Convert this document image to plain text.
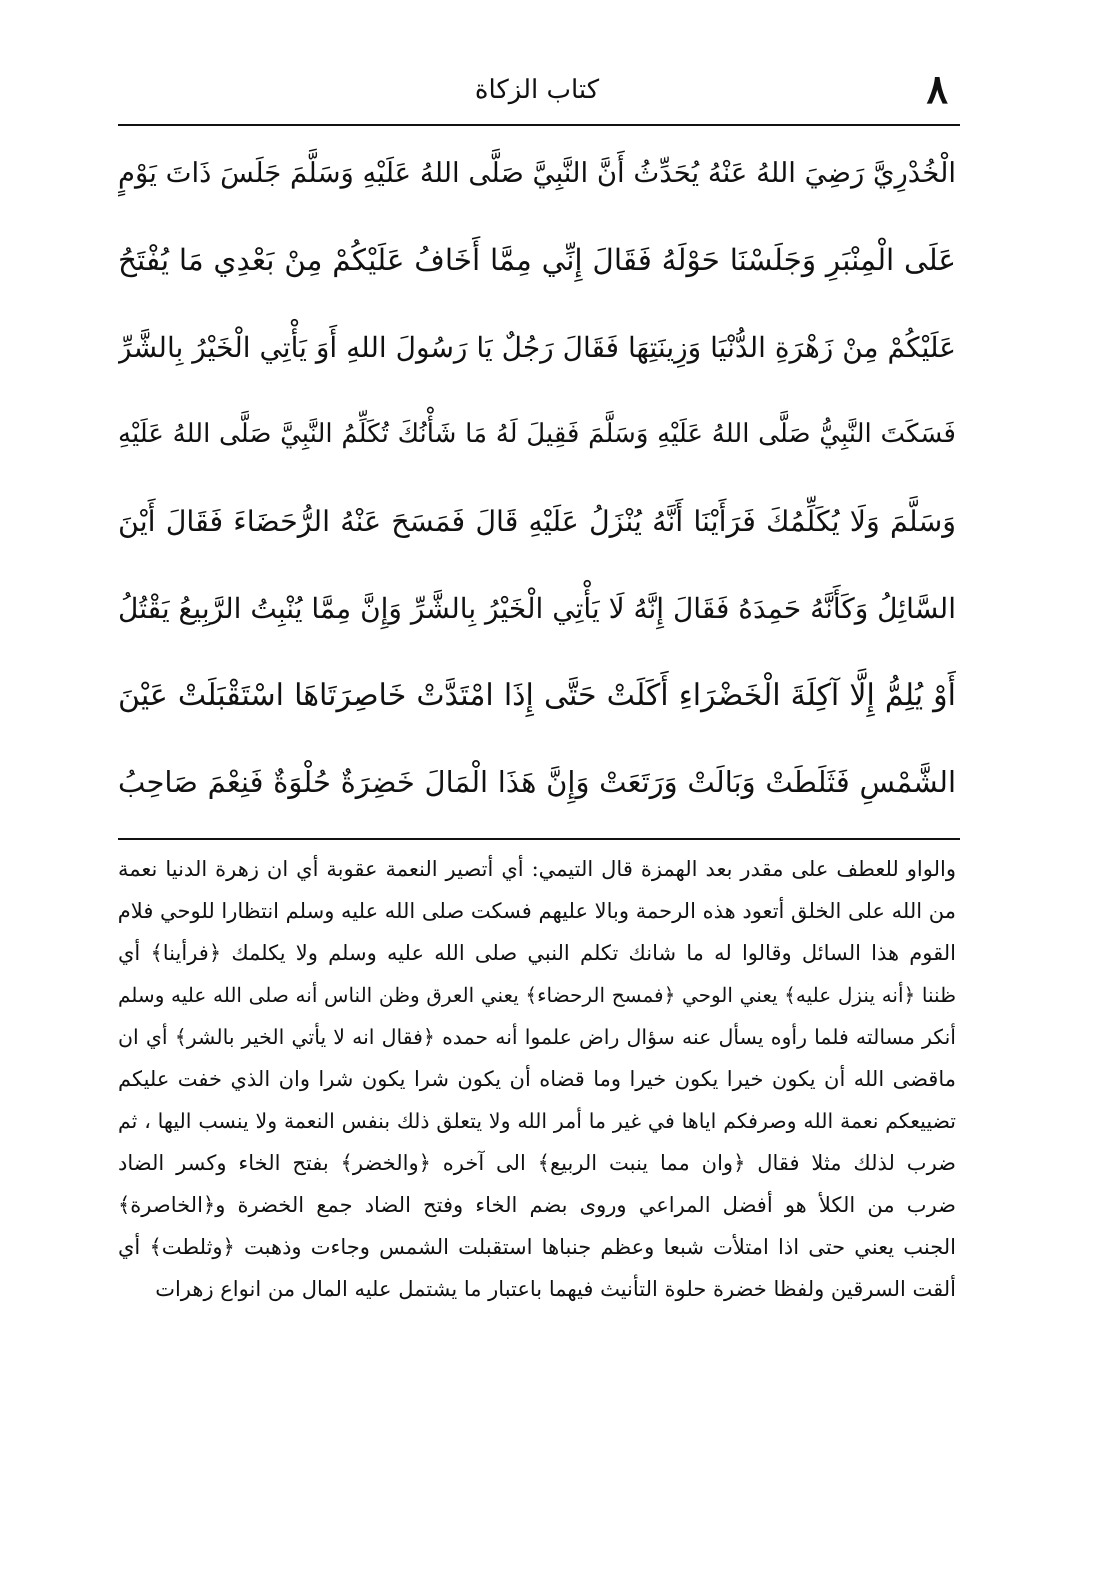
٨
كتاب الزكاة
الْخُدْرِيَّ رَضِيَ اللهُ عَنْهُ يُحَدِّثُ أَنَّ النَّبِيَّ صَلَّى اللهُ عَلَيْهِ وَسَلَّمَ جَلَسَ ذَاتَ يَوْمٍ
عَلَى الْمِنْبَرِ وَجَلَسْنَا حَوْلَهُ فَقَالَ إِنِّي مِمَّا أَخَافُ عَلَيْكُمْ مِنْ بَعْدِي مَا يُفْتَحُ
عَلَيْكُمْ مِنْ زَهْرَةِ الدُّنْيَا وَزِينَتِهَا فَقَالَ رَجُلٌ يَا رَسُولَ اللهِ أَوَ يَأْتِي الْخَيْرُ بِالشَّرِّ
فَسَكَتَ النَّبِيُّ صَلَّى اللهُ عَلَيْهِ وَسَلَّمَ فَقِيلَ لَهُ مَا شَأْنُكَ تُكَلِّمُ النَّبِيَّ صَلَّى اللهُ عَلَيْهِ
وَسَلَّمَ وَلَا يُكَلِّمُكَ فَرَأَيْنَا أَنَّهُ يُنْزَلُ عَلَيْهِ قَالَ فَمَسَحَ عَنْهُ الرُّحَضَاءَ فَقَالَ أَيْنَ
السَّائِلُ وَكَأَنَّهُ حَمِدَهُ فَقَالَ إِنَّهُ لَا يَأْتِي الْخَيْرُ بِالشَّرِّ وَإِنَّ مِمَّا يُنْبِتُ الرَّبِيعُ يَقْتُلُ
أَوْ يُلِمُّ إِلَّا آكِلَةَ الْخَضْرَاءِ أَكَلَتْ حَتَّى إِذَا امْتَدَّتْ خَاصِرَتَاهَا اسْتَقْبَلَتْ عَيْنَ
الشَّمْسِ فَثَلَطَتْ وَبَالَتْ وَرَتَعَتْ وَإِنَّ هَذَا الْمَالَ خَضِرَةٌ حُلْوَةٌ فَنِعْمَ صَاحِبُ
والواو للعطف على مقدر بعد الهمزة قال التيمي: أي أتصير النعمة عقوبة أي ان زهرة الدنيا نعمة
من الله على الخلق أتعود هذه الرحمة وبالا عليهم فسكت صلى الله عليه وسلم انتظارا للوحي فلام
القوم هذا السائل وقالوا له ما شانك تكلم النبي صلى الله عليه وسلم ولا يكلمك ﴿فرأينا﴾ أي
ظننا ﴿أنه ينزل عليه﴾ يعني الوحي ﴿فمسح الرحضاء﴾ يعني العرق وظن الناس أنه صلى الله عليه وسلم
أنكر مسالته فلما رأوه يسأل عنه سؤال راض علموا أنه حمده ﴿فقال انه لا يأتي الخير بالشر﴾ أي ان
ماقضى الله أن يكون خيرا يكون خيرا وما قضاه أن يكون شرا يكون شرا وان الذي خفت عليكم
تضييعكم نعمة الله وصرفكم اياها في غير ما أمر الله ولا يتعلق ذلك بنفس النعمة ولا ينسب اليها ، ثم
ضرب لذلك مثلا فقال ﴿وان مما ينبت الربيع﴾ الى آخره ﴿والخضر﴾ بفتح الخاء وكسر الضاد
ضرب من الكلأ هو أفضل المراعي وروى بضم الخاء وفتح الضاد جمع الخضرة و﴿الخاصرة﴾
الجنب يعني حتى اذا امتلأت شبعا وعظم جنباها استقبلت الشمس وجاءت وذهبت ﴿وثلطت﴾ أي
ألقت السرقين ولفظا خضرة حلوة التأنيث فيهما باعتبار ما يشتمل عليه المال من انواع زهرات
